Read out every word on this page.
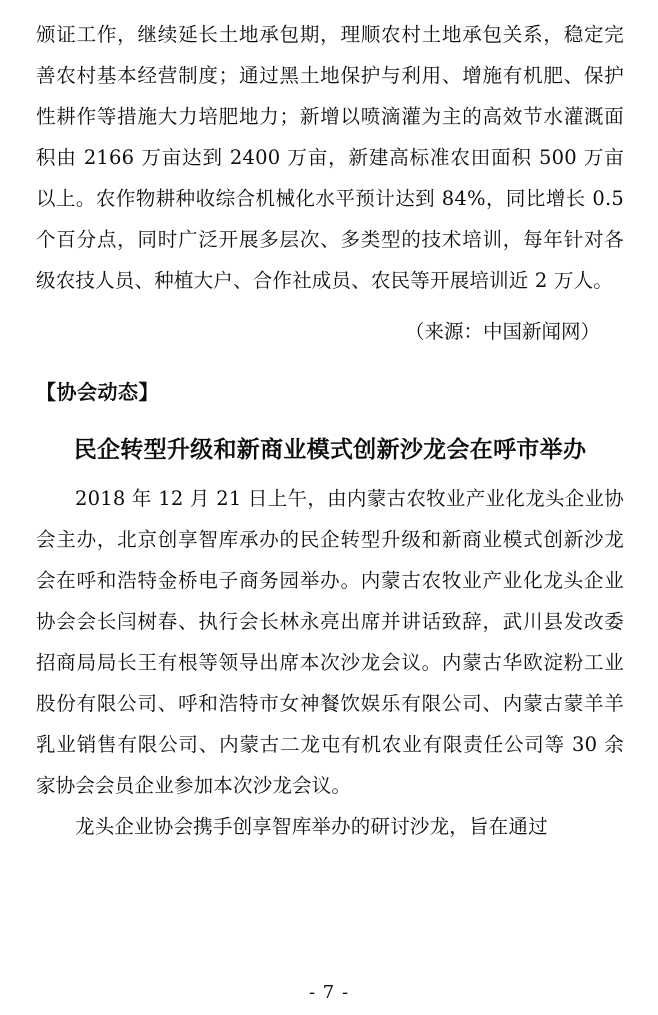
颁证工作，继续延长土地承包期，理顺农村土地承包关系，稳定完善农村基本经营制度；通过黑土地保护与利用、增施有机肥、保护性耕作等措施大力培肥地力；新增以喷滴灌为主的高效节水灌溉面积由 2166 万亩达到 2400 万亩，新建高标准农田面积 500 万亩以上。农作物耕种收综合机械化水平预计达到 84%，同比增长 0.5 个百分点，同时广泛开展多层次、多类型的技术培训，每年针对各级农技人员、种植大户、合作社成员、农民等开展培训近 2 万人。

（来源：中国新闻网）

【协会动态】

民企转型升级和新商业模式创新沙龙会在呼市举办

2018 年 12 月 21 日上午，由内蒙古农牧业产业化龙头企业协会主办，北京创享智库承办的民企转型升级和新商业模式创新沙龙会在呼和浩特金桥电子商务园举办。内蒙古农牧业产业化龙头企业协会会长闫树春、执行会长林永亮出席并讲话致辞，武川县发改委招商局局长王有根等领导出席本次沙龙会议。内蒙古华欧淀粉工业股份有限公司、呼和浩特市女神餐饮娱乐有限公司、内蒙古蒙羊羊乳业销售有限公司、内蒙古二龙屯有机农业有限责任公司等 30 余家协会会员企业参加本次沙龙会议。

龙头企业协会携手创享智库举办的研讨沙龙，旨在通过

- 7 -
